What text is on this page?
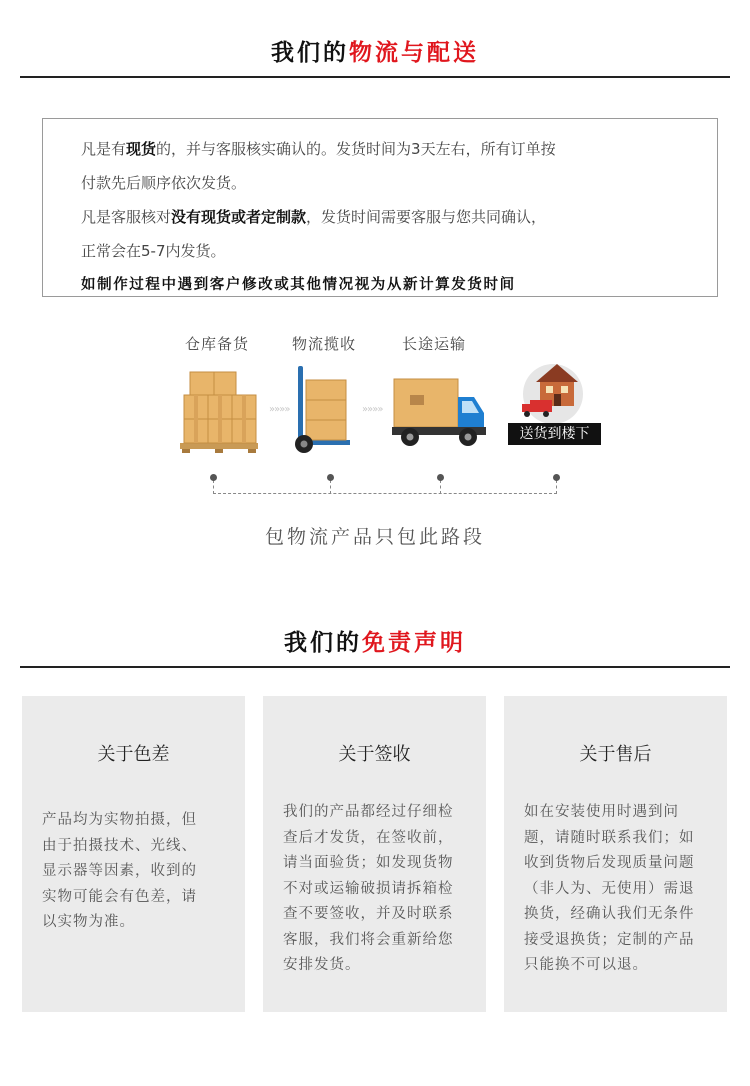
我们的物流与配送

凡是有现货的，并与客服核实确认的。发货时间为3天左右，所有订单按

付款先后顺序依次发货。

凡是客服核对没有现货或者定制款，发货时间需要客服与您共同确认，

正常会在5-7内发货。

如制作过程中遇到客户修改或其他情况视为从新计算发货时间

仓库备货	物流揽收	长途运输
»»»»	»»»»
送货到楼下
包物流产品只包此路段
我们的免责声明
关于色差
产品均为实物拍摄，但
由于拍摄技术、光线、
显示器等因素，收到的
实物可能会有色差，请
以实物为准。
关于签收
我们的产品都经过仔细检
查后才发货，在签收前，
请当面验货；如发现货物
不对或运输破损请拆箱检
查不要签收，并及时联系
客服，我们将会重新给您
安排发货。
关于售后
如在安装使用时遇到问
题，请随时联系我们；如
收到货物后发现质量问题
（非人为、无使用）需退
换货，经确认我们无条件
接受退换货；定制的产品
只能换不可以退。
